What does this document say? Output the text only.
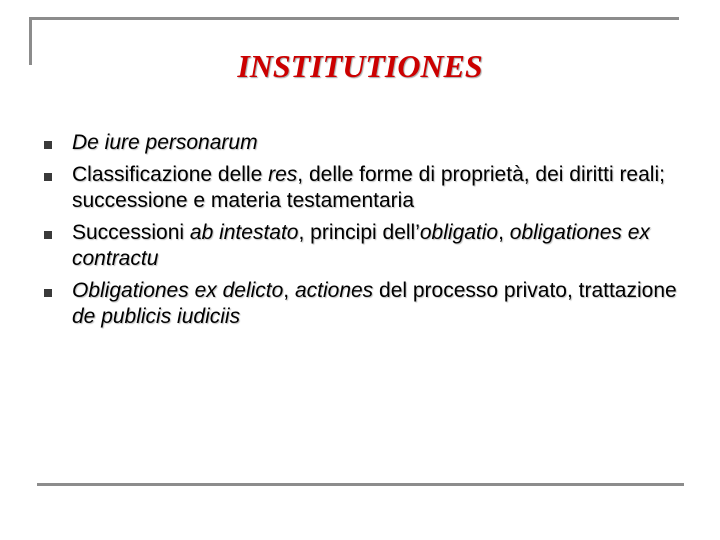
INSTITUTIONES
De iure personarum
Classificazione delle res, delle forme di proprietà, dei diritti reali; successione e materia testamentaria
Successioni ab intestato, principi dell’obligatio, obligationes ex contractu
Obligationes ex delicto, actiones del processo privato, trattazione de publicis iudiciis
